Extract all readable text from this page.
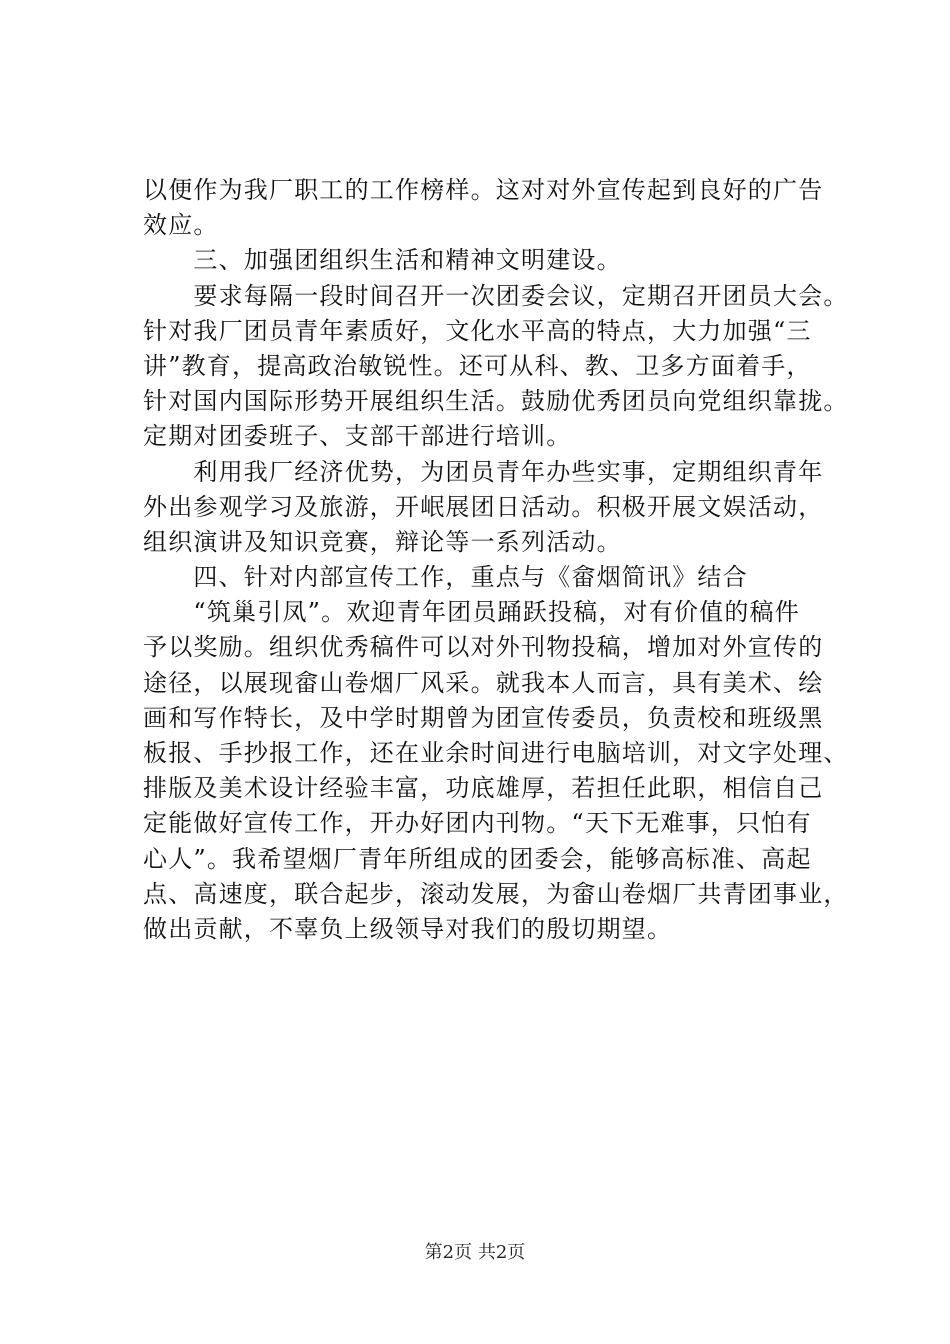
以便作为我厂职工的工作榜样。这对对外宣传起到良好的广告
效应。
　　三、加强团组织生活和精神文明建设。
　　要求每隔一段时间召开一次团委会议，定期召开团员大会。
针对我厂团员青年素质好，文化水平高的特点，大力加强“三
讲”教育，提高政治敏锐性。还可从科、教、卫多方面着手，
针对国内国际形势开展组织生活。鼓励优秀团员向党组织靠拢。
定期对团委班子、支部干部进行培训。
　　利用我厂经济优势，为团员青年办些实事，定期组织青年
外出参观学习及旅游，开岷展团日活动。积极开展文娱活动，
组织演讲及知识竞赛，辩论等一系列活动。
　　四、针对内部宣传工作，重点与《畲烟简讯》结合
　　“筑巢引凤”。欢迎青年团员踊跃投稿，对有价值的稿件
予以奖励。组织优秀稿件可以对外刊物投稿，增加对外宣传的
途径，以展现畲山卷烟厂风采。就我本人而言，具有美术、绘
画和写作特长，及中学时期曾为团宣传委员，负责校和班级黑
板报、手抄报工作，还在业余时间进行电脑培训，对文字处理、
排版及美术设计经验丰富，功底雄厚，若担任此职，相信自己
定能做好宣传工作，开办好团内刊物。“天下无难事，只怕有
心人”。我希望烟厂青年所组成的团委会，能够高标准、高起
点、高速度，联合起步，滚动发展，为畲山卷烟厂共青团事业，
做出贡献，不辜负上级领导对我们的殷切期望。
第2页 共2页
